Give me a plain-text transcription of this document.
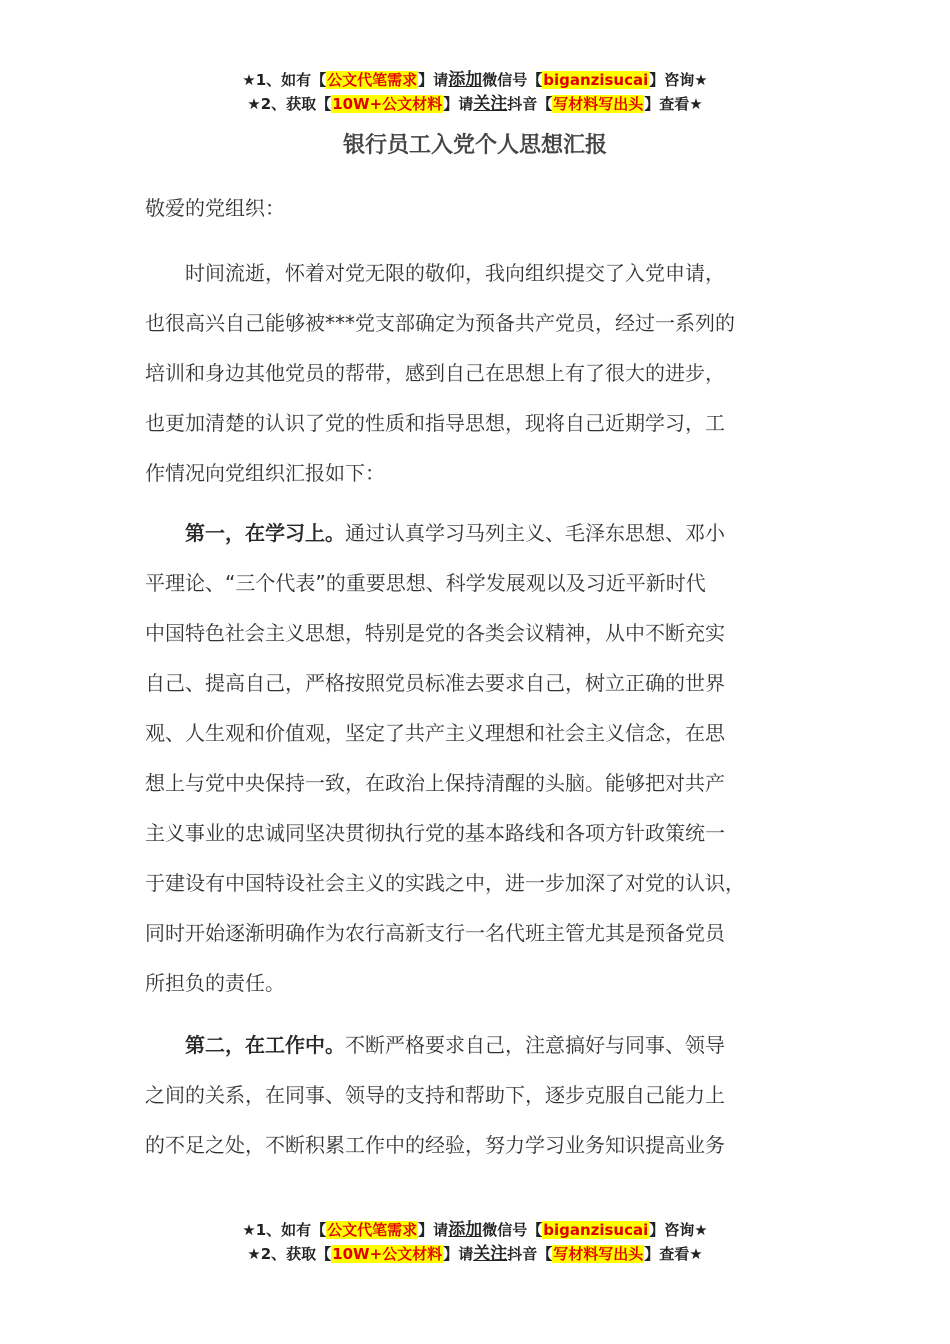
★1、如有【公文代笔需求】请添加微信号【biganzisucai】咨询★
★2、获取【10W+公文材料】请关注抖音【写材料写出头】查看★
银行员工入党个人思想汇报
敬爱的党组织：
时间流逝，怀着对党无限的敬仰，我向组织提交了入党申请，
也很高兴自己能够被***党支部确定为预备共产党员，经过一系列的
培训和身边其他党员的帮带，感到自己在思想上有了很大的进步，
也更加清楚的认识了党的性质和指导思想，现将自己近期学习，工
作情况向党组织汇报如下：
第一，在学习上。通过认真学习马列主义、毛泽东思想、邓小
平理论、“三个代表”的重要思想、科学发展观以及习近平新时代
中国特色社会主义思想，特别是党的各类会议精神，从中不断充实
自己、提高自己，严格按照党员标准去要求自己，树立正确的世界
观、人生观和价值观，坚定了共产主义理想和社会主义信念，在思
想上与党中央保持一致，在政治上保持清醒的头脑。能够把对共产
主义事业的忠诚同坚决贯彻执行党的基本路线和各项方针政策统一
于建设有中国特设社会主义的实践之中，进一步加深了对党的认识，
同时开始逐渐明确作为农行高新支行一名代班主管尤其是预备党员
所担负的责任。
第二，在工作中。不断严格要求自己，注意搞好与同事、领导
之间的关系，在同事、领导的支持和帮助下，逐步克服自己能力上
的不足之处，不断积累工作中的经验，努力学习业务知识提高业务
★1、如有【公文代笔需求】请添加微信号【biganzisucai】咨询★
★2、获取【10W+公文材料】请关注抖音【写材料写出头】查看★
